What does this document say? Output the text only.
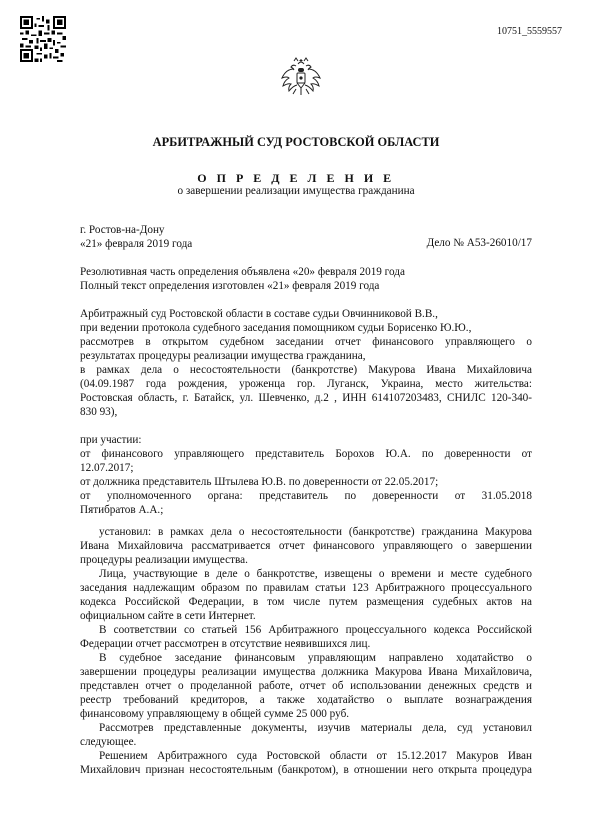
10751_5559557
АРБИТРАЖНЫЙ СУД РОСТОВСКОЙ ОБЛАСТИ
О П Р Е Д Е Л Е Н И Е
о завершении реализации имущества гражданина
г. Ростов-на-Дону
«21» февраля 2019 года	Дело № А53-26010/17
Резолютивная часть определения объявлена «20» февраля 2019 года
Полный текст определения изготовлен «21» февраля 2019 года
Арбитражный суд Ростовской области в составе судьи Овчинниковой В.В.,
при ведении протокола судебного заседания помощником судьи Борисенко Ю.Ю.,
рассмотрев в открытом судебном заседании отчет финансового управляющего о
результатах процедуры реализации имущества гражданина,
в рамках дела о несостоятельности (банкротстве) Макурова Ивана Михайловича
(04.09.1987 года рождения, уроженца гор. Луганск, Украина, место жительства:
Ростовская область, г. Батайск, ул. Шевченко, д.2 , ИНН 614107203483, СНИЛС 120-340-
830 93),
при участии:
от финансового управляющего представитель Борохов Ю.А. по доверенности от
12.07.2017;
от должника представитель Штылева Ю.В. по доверенности от 22.05.2017;
от уполномоченного органа: представитель по доверенности от 31.05.2018
Пятибратов А.А.;
установил: в рамках дела о несостоятельности (банкротстве) гражданина Макурова
Ивана Михайловича рассматривается отчет финансового управляющего о завершении
процедуры реализации имущества.
Лица, участвующие в деле о банкротстве, извещены о времени и месте судебного
заседания надлежащим образом по правилам статьи 123 Арбитражного процессуального
кодекса Российской Федерации, в том числе путем размещения судебных актов на
официальном сайте в сети Интернет.
В соответствии со статьей 156 Арбитражного процессуального кодекса Российской
Федерации отчет рассмотрен в отсутствие неявившихся лиц.
В судебное заседание финансовым управляющим направлено ходатайство о
завершении процедуры реализации имущества должника Макурова Ивана Михайловича,
представлен отчет о проделанной работе, отчет об использовании денежных средств и
реестр требований кредиторов, а также ходатайство о выплате вознаграждения
финансовому управляющему в общей сумме 25 000 руб.
Рассмотрев представленные документы, изучив материалы дела, суд установил
следующее.
Решением Арбитражного суда Ростовской области от 15.12.2017 Макуров Иван
Михайлович признан несостоятельным (банкротом), в отношении него открыта процедура
